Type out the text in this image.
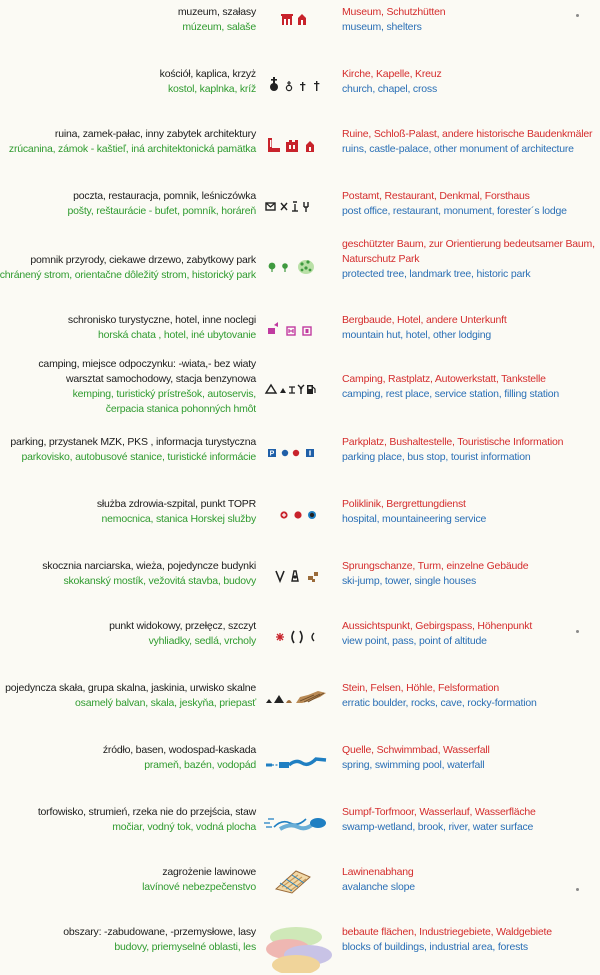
muzeum, szałasy
múzeum, salaše
Museum, Schutzhütten
museum, shelters
kościół, kaplica, krzyż
kostol, kaplnka, kríž
Kirche, Kapelle, Kreuz
church, chapel, cross
ruina, zamek-pałac, inny zabytek architektury
zrúcanina, zámok - kaštieľ, iná architektonická pamätka
Ruine, Schloß-Palast, andere historische Baudenkmäler
ruins, castle-palace, other monument of architecture
poczta, restauracja, pomnik, leśniczówka
pošty, reštaurácie - bufet, pomník, horáreň
Postamt, Restaurant, Denkmal, Forsthaus
post office, restaurant, monument, forester´s lodge
pomnik przyrody, ciekawe drzewo, zabytkowy park
chránený strom, orientačne dôležitý strom, historický park
geschützter Baum, zur Orientierung bedeutsamer Baum,
Naturschutz Park
protected tree, landmark tree, historic park
schronisko turystyczne, hotel, inne noclegi
horská chata , hotel, iné ubytovanie
Bergbaude, Hotel, andere Unterkunft
mountain hut, hotel, other lodging
camping, miejsce odpoczynku: -wiata,- bez wiaty
warsztat samochodowy, stacja benzynowa
kemping, turistický prístrešok, autoservis,
čerpacia stanica pohonných hmôt
Camping, Rastplatz, Autowerkstatt, Tankstelle
camping, rest place, service station, filling station
parking, przystanek MZK, PKS , informacja turystyczna
parkovisko, autobusové stanice, turistické informácie P
Parkplatz, Bushaltestelle, Touristische Information
parking place, bus stop, tourist information
służba zdrowia-szpital, punkt TOPR
nemocnica, stanica Horskej služby
Poliklinik, Bergrettungdienst
hospital, mountaineering service
skocznia narciarska, wieża, pojedyncze budynki
skokanský mostík, vežovitá stavba, budovy
Sprungschanze, Turm, einzelne Gebäude
ski-jump, tower, single houses
punkt widokowy, przełęcz, szczyt
vyhliadky, sedlá, vrcholy
Aussichtspunkt, Gebirgspass, Höhenpunkt
view point, pass, point of altitude
pojedyncza skała, grupa skalna, jaskinia, urwisko skalne
osamelý balvan, skala, jeskyňa, priepasť
Stein, Felsen, Höhle, Felsformation
erratic boulder, rocks, cave, rocky-formation
źródło, basen, wodospad-kaskada
prameň, bazén, vodopád
Quelle, Schwimmbad, Wasserfall
spring, swimming pool, waterfall
torfowisko, strumień, rzeka nie do przejścia, staw
močiar, vodný tok, vodná plocha
Sumpf-Torfmoor, Wasserlauf, Wasserfläche
swamp-wetland, brook, river, water surface
zagrożenie lawinowe
lavínové nebezpečenstvo
Lawinenabhang
avalanche slope
obszary: -zabudowane, -przemysłowe, lasy
budovy, priemyselné oblasti, les
bebaute flächen, Industriegebiete, Waldgebiete
blocks of buildings, industrial area, forests
